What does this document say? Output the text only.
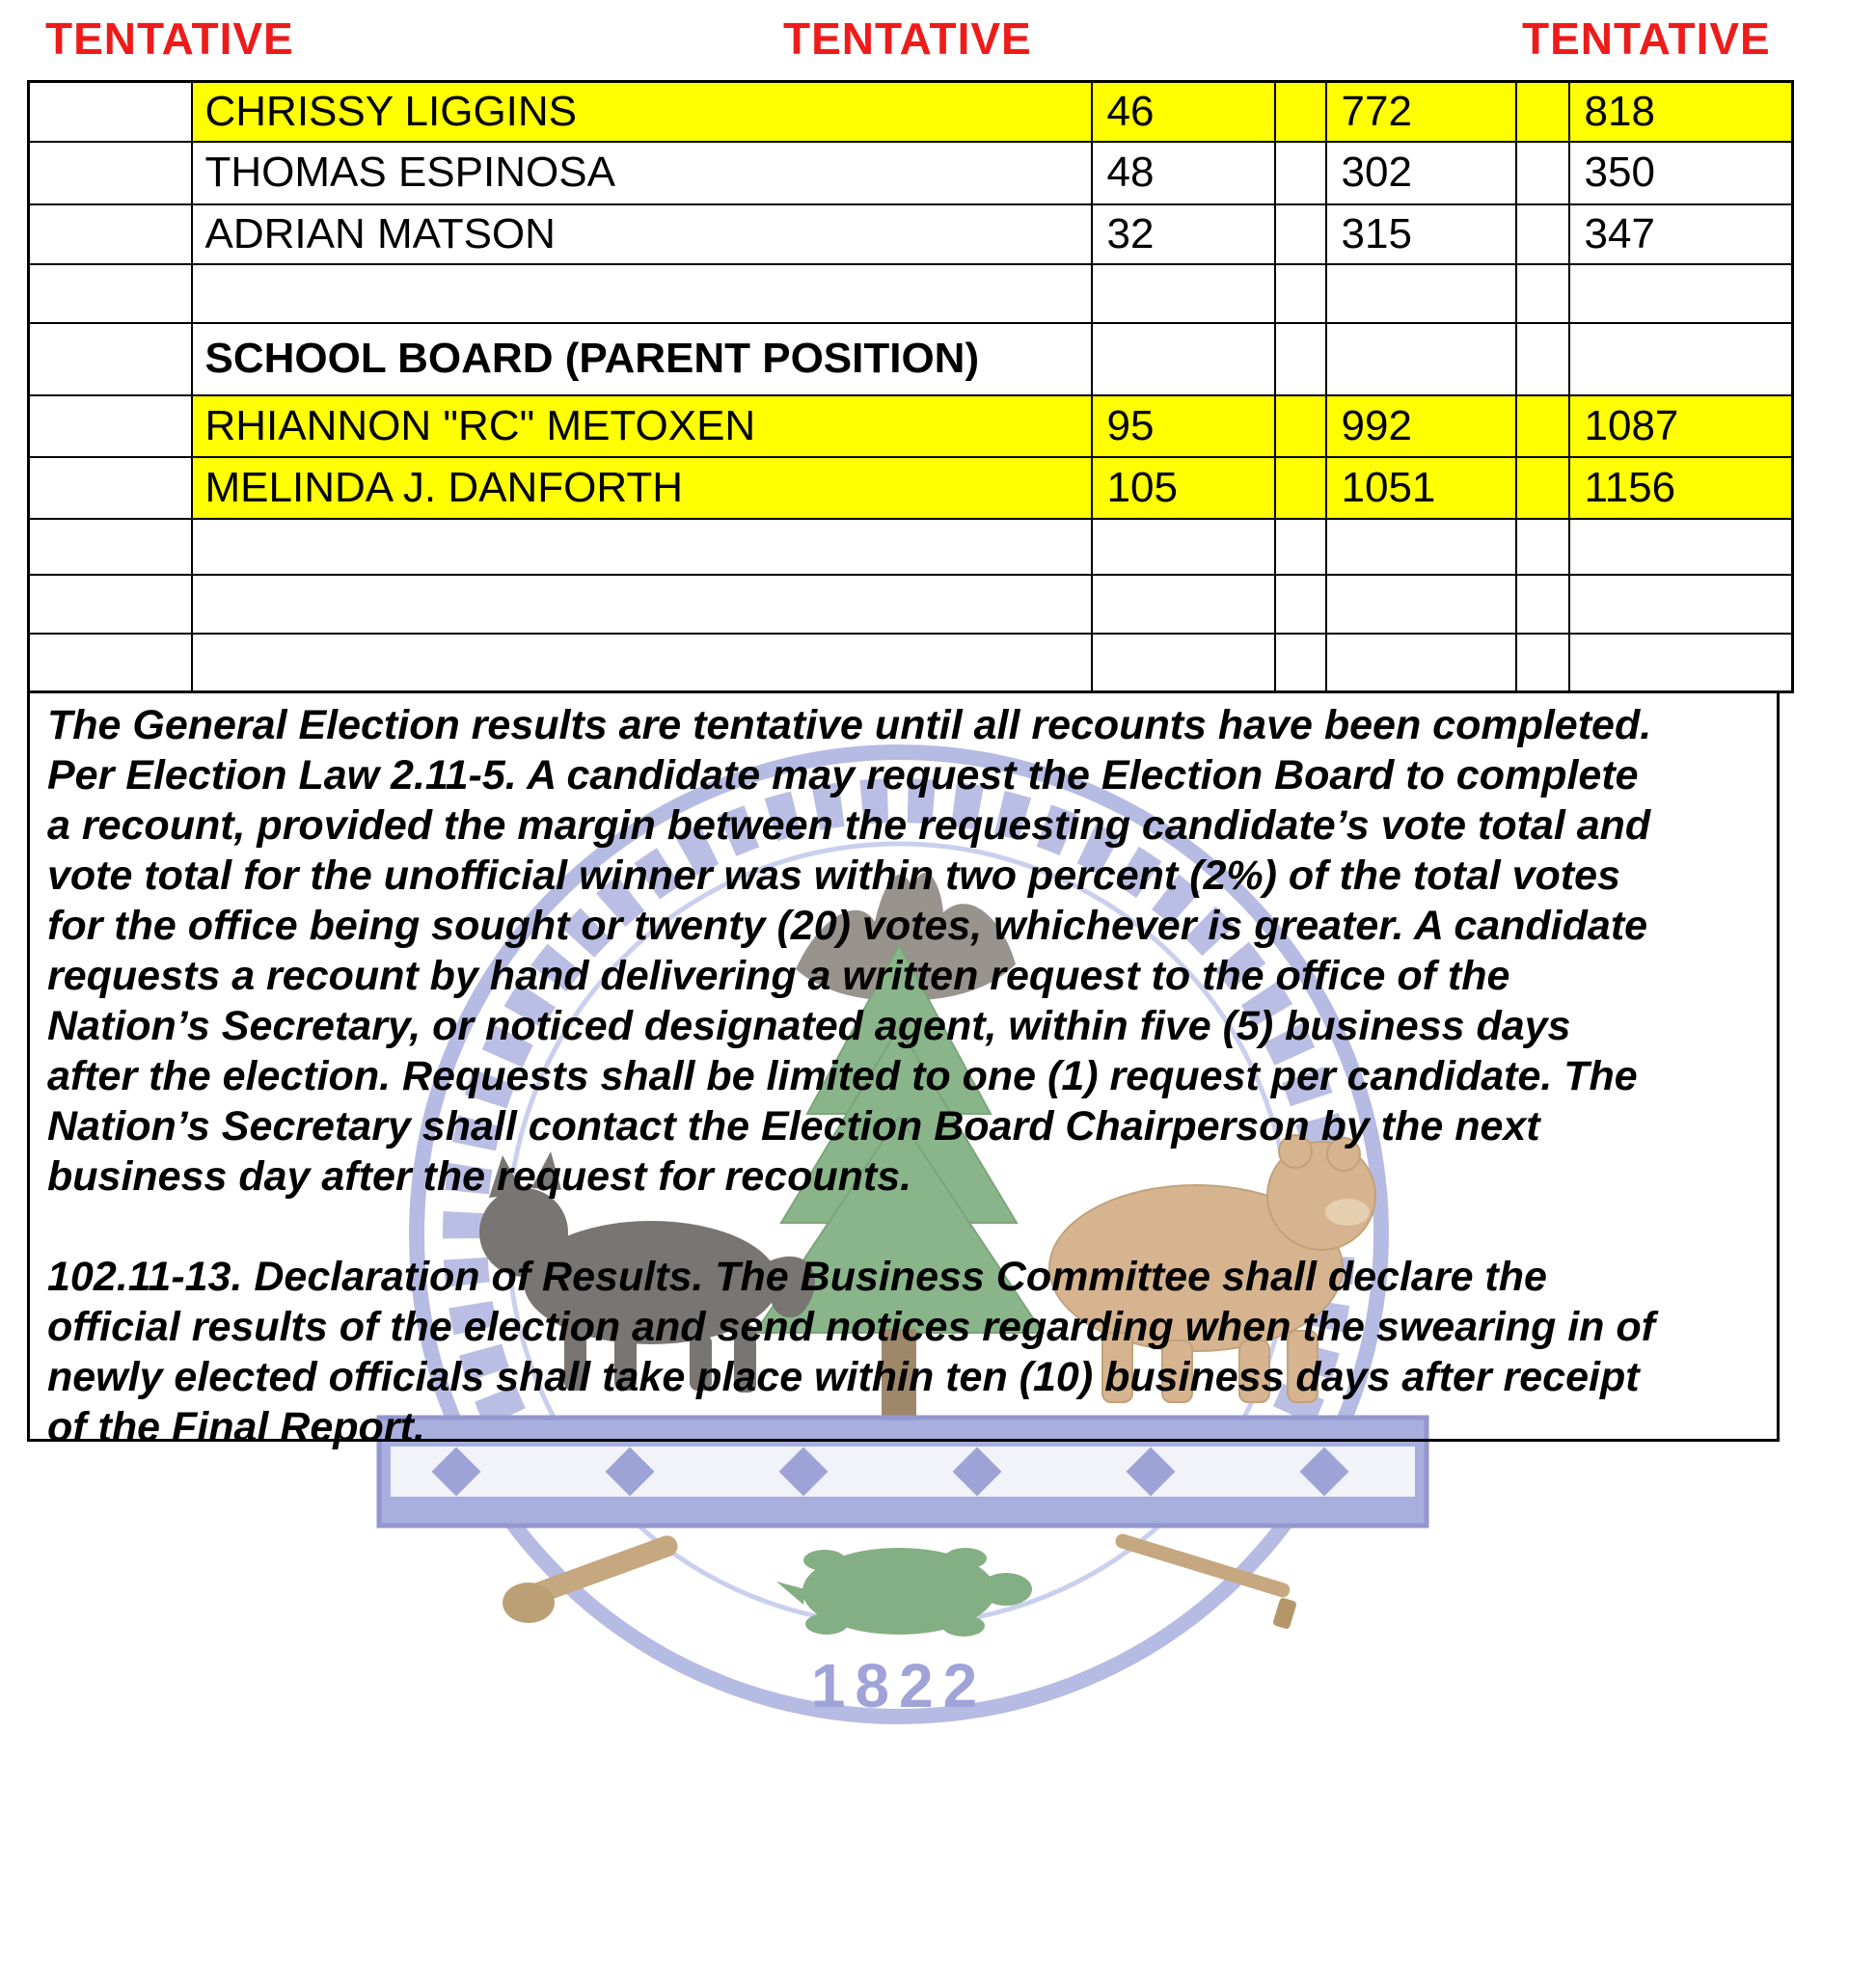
TENTATIVE	TENTATIVE	TENTATIVE
1822
	CHRISSY LIGGINS	46		772		818
	THOMAS ESPINOSA	48		302		350
	ADRIAN MATSON	32		315		347

	SCHOOL BOARD (PARENT POSITION)					
	RHIANNON "RC" METOXEN	95		992		1087
	MELINDA J. DANFORTH	105		1051		1156

The General Election results are tentative until all recounts have been completed.
Per Election Law 2.11-5. A candidate may request the Election Board to complete
a recount, provided the margin between the requesting candidate’s vote total and
vote total for the unofficial winner was within two percent (2%) of the total votes
for the office being sought or twenty (20) votes, whichever is greater. A candidate
requests a recount by hand delivering a written request to the office of the
Nation’s Secretary, or noticed designated agent, within five (5) business days
after the election. Requests shall be limited to one (1) request per candidate. The
Nation’s Secretary shall contact the Election Board Chairperson by the next
business day after the request for recounts.
102.11-13. Declaration of Results. The Business Committee shall declare the
official results of the election and send notices regarding when the swearing in of
newly elected officials shall take place within ten (10) business days after receipt
of the Final Report.
